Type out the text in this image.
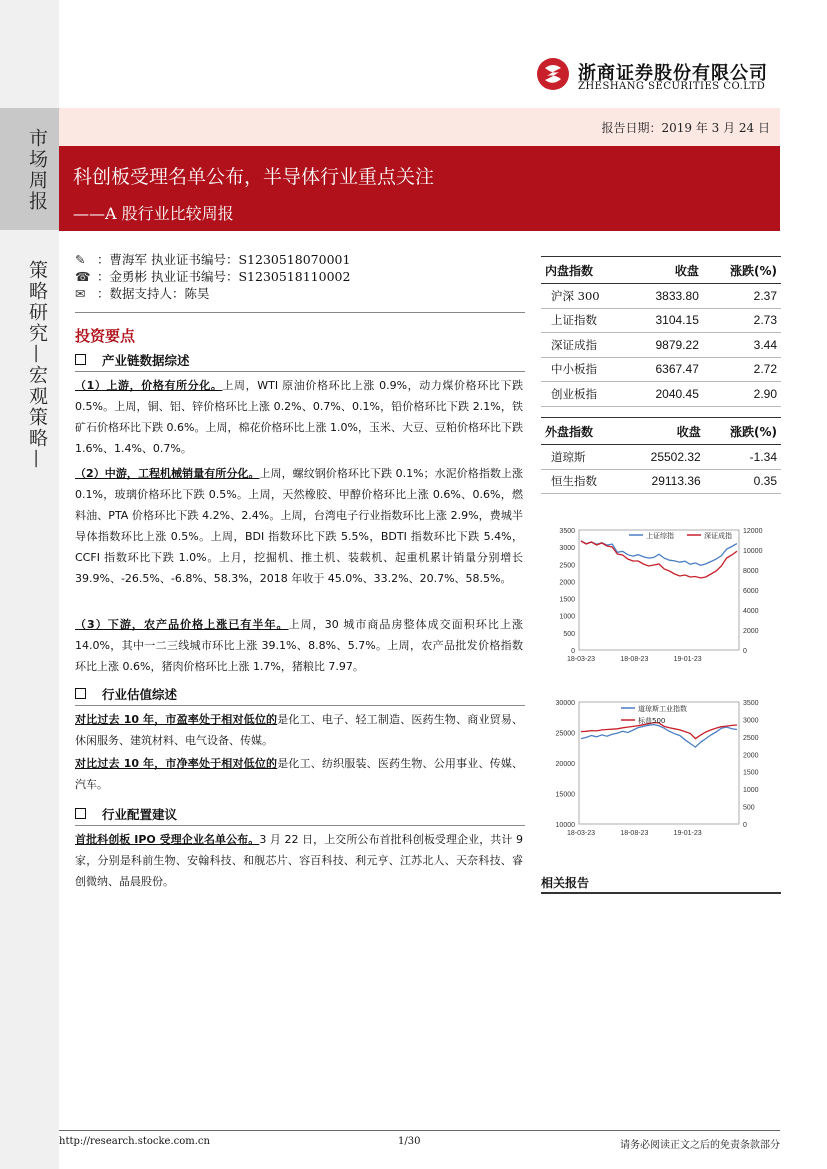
市场周报
策略研究—宏观策略—
浙商证券股份有限公司
ZHESHANG SECURITIES CO.LTD
报告日期：2019 年 3 月 24 日
科创板受理名单公布，半导体行业重点关注
——A 股行业比较周报
✎ ：曹海军 执业证书编号：S1230518070001
☎ ：金勇彬 执业证书编号：S1230518110002
✉ ：数据支持人：陈昊
投资要点
产业链数据综述
（1）上游，价格有所分化。上周，WTI 原油价格环比上涨 0.9%，动力煤价格环比下跌 0.5%。上周，铜、铝、锌价格环比上涨 0.2%、0.7%、0.1%，铅价格环比下跌 2.1%，铁矿石价格环比下跌 0.6%。上周，棉花价格环比上涨 1.0%，玉米、大豆、豆粕价格环比下跌 1.6%、1.4%、0.7%。
（2）中游，工程机械销量有所分化。上周，螺纹钢价格环比下跌 0.1%；水泥价格指数上涨 0.1%，玻璃价格环比下跌 0.5%。上周，天然橡胶、甲醇价格环比上涨 0.6%、0.6%，燃料油、PTA 价格环比下跌 4.2%、2.4%。上周，台湾电子行业指数环比上涨 2.9%，费城半导体指数环比上涨 0.5%。上周，BDI 指数环比下跌 5.5%，BDTI 指数环比下跌 5.4%，CCFI 指数环比下跌 1.0%。上月，挖掘机、推土机、装载机、起重机累计销量分别增长 39.9%、-26.5%、-6.8%、58.3%，2018 年收于 45.0%、33.2%、20.7%、58.5%。
（3）下游，农产品价格上涨已有半年。上周，30 城市商品房整体成交面积环比上涨 14.0%，其中一二三线城市环比上涨 39.1%、8.8%、5.7%。上周，农产品批发价格指数环比上涨 0.6%，猪肉价格环比上涨 1.7%，猪粮比 7.97。
行业估值综述
对比过去 10 年，市盈率处于相对低位的是化工、电子、轻工制造、医药生物、商业贸易、休闲服务、建筑材料、电气设备、传媒。
对比过去 10 年，市净率处于相对低位的是化工、纺织服装、医药生物、公用事业、传媒、汽车。
行业配置建议
首批科创板 IPO 受理企业名单公布。3 月 22 日，上交所公布首批科创板受理企业，共计 9 家，分别是科前生物、安翰科技、和舰芯片、容百科技、利元亨、江苏北人、天奈科技、睿创微纳、晶晨股份。
内盘指数	收盘	涨跌(%)
沪深 300	3833.80	2.37
上证指数	3104.15	2.73
深证成指	9879.22	3.44
中小板指	6367.47	2.72
创业板指	2040.45	2.90
外盘指数	收盘	涨跌(%)
道琼斯	25502.32	-1.34
恒生指数	29113.36	0.35
0
500
1000
1500
2000
2500
3000
3500
0
2000
4000
6000
8000
10000
12000
18-03-23	18-08-23	19-01-23
上证综指	深证成指
10000
15000
20000
25000
30000
0
500
1000
1500
2000
2500
3000
3500
18-03-23	18-08-23	19-01-23
道琼斯工业指数
标普500
相关报告
http://research.stocke.com.cn	1/30	请务必阅读正文之后的免责条款部分
